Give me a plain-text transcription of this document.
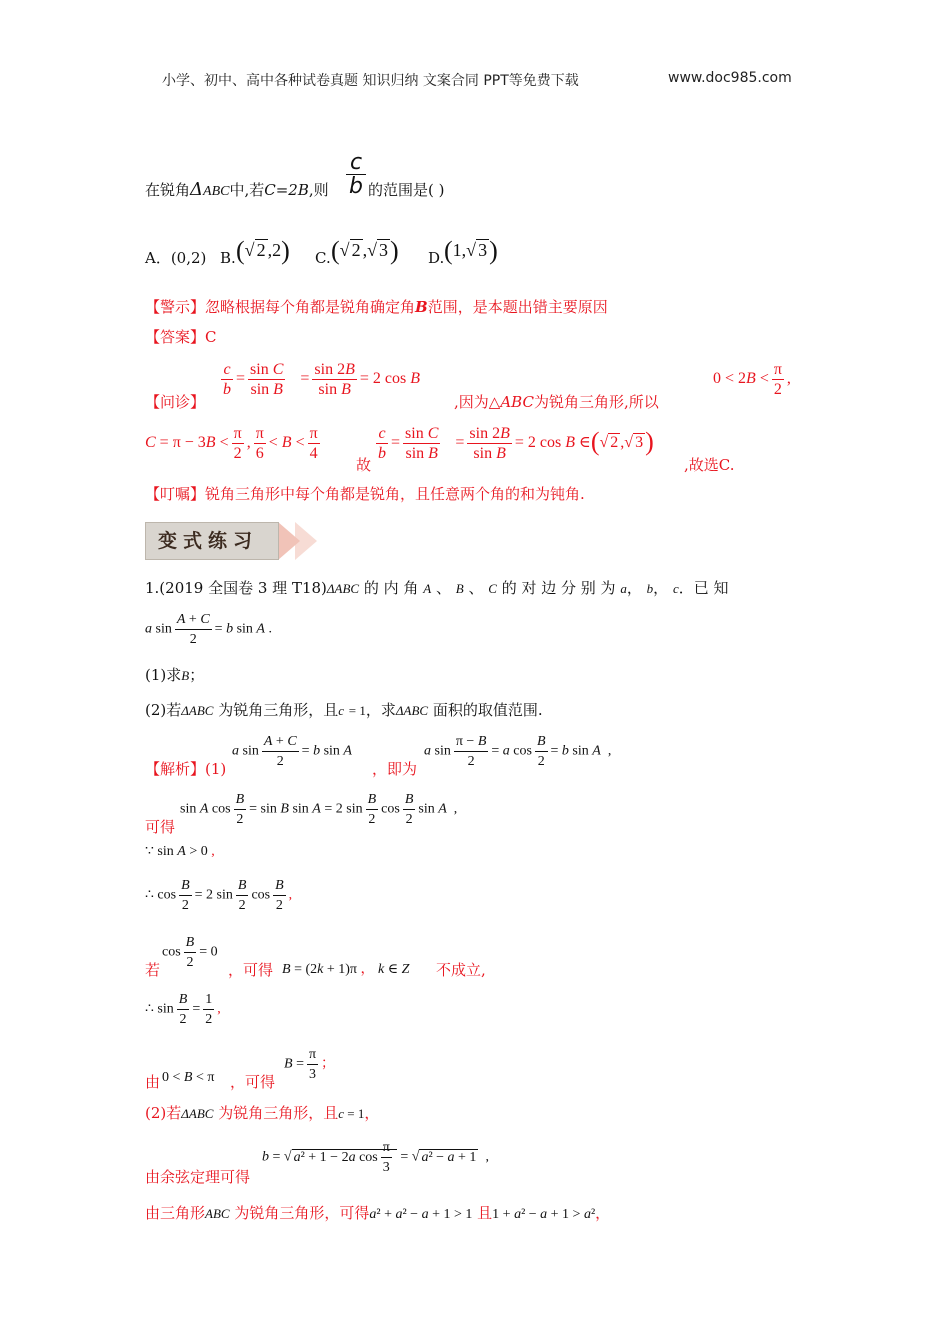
小学、初中、高中各种试卷真题 知识归纳 文案合同 PPT等免费下载	www.doc985.com
在锐角ΔABC中,若C=2B,则 $\frac{c}{b}$ 的范围是( )
A．(0,2) B. (√ 2 ,2) C. (√ 2 ,√ 3) D. (1,√ 3)
【警示】忽略根据每个角都是锐角确定角B范围，是本题出错主要原因
【答案】C
【问诊】
$\frac{c}{b} = \frac{\text{sin C}}{\text{sin B}} = \frac{\sin 2B}{\text{sin B}} = 2$ cos B
,因为△ABC为锐角三角形,所以
$0 < 2B < \frac{\pi}{2}$ ,
$C = \pi - 3B < \frac{\pi}{2}$ , $\frac{\pi}{6} < B < \frac{\pi}{4}$
故
$\frac{c}{b} = \frac{\text{sin C}}{\text{sin B}} = \frac{\sin 2B}{\text{sin B}} = 2$ cos B ∈(√ 2 ,√ 3)
,故选C.
【叮嘱】锐角三角形中每个角都是锐角，且任意两个角的和为钝角.
变式练习
1.(2019 全国卷 3 理 T18)ΔABC 的 内 角 A 、 B 、 C 的 对 边 分 别 为 a， b， c．已 知
a $\sin \frac{A + C}{2} = b$ sin A .
(1)求B；
(2)若ΔABC 为锐角三角形，且c = 1，求ΔABC 面积的取值范围.
【解析】(1)
a $\sin \frac{A + C}{2} = b$ sin A
，即为
a $\sin \frac{\pi - B}{2} = a$ $\cos \frac{B}{2} = b$ sin A  ,
可得
sin A $\cos \frac{B}{2} = \sin B$ sin A = 2 $\sin \frac{B}{2}$ $\cos \frac{B}{2}$ sin A  ,
∵ sin A > 0 ,
∴ $\cos \frac{B}{2} = 2$ $\sin \frac{B}{2}$ $\cos \frac{B}{2}$ ,
若
$\cos \frac{B}{2} = 0$
，可得 B = (2k + 1)π ， k ∈ Z 不成立,
∴ $\sin \frac{B}{2} = \frac{1}{2}$ ,
由 0 < B < π ，可得
$B = \frac{\pi}{3}$ ；
(2)若ΔABC 为锐角三角形，且c = 1，
由余弦定理可得
b = √ a² + 1 − 2a $\cos \frac{\pi}{3}$ = √ a² − a + 1  ,
由三角形ABC 为锐角三角形，可得a² + a² − a + 1 > 1 且1 + a² − a + 1 > a²，
